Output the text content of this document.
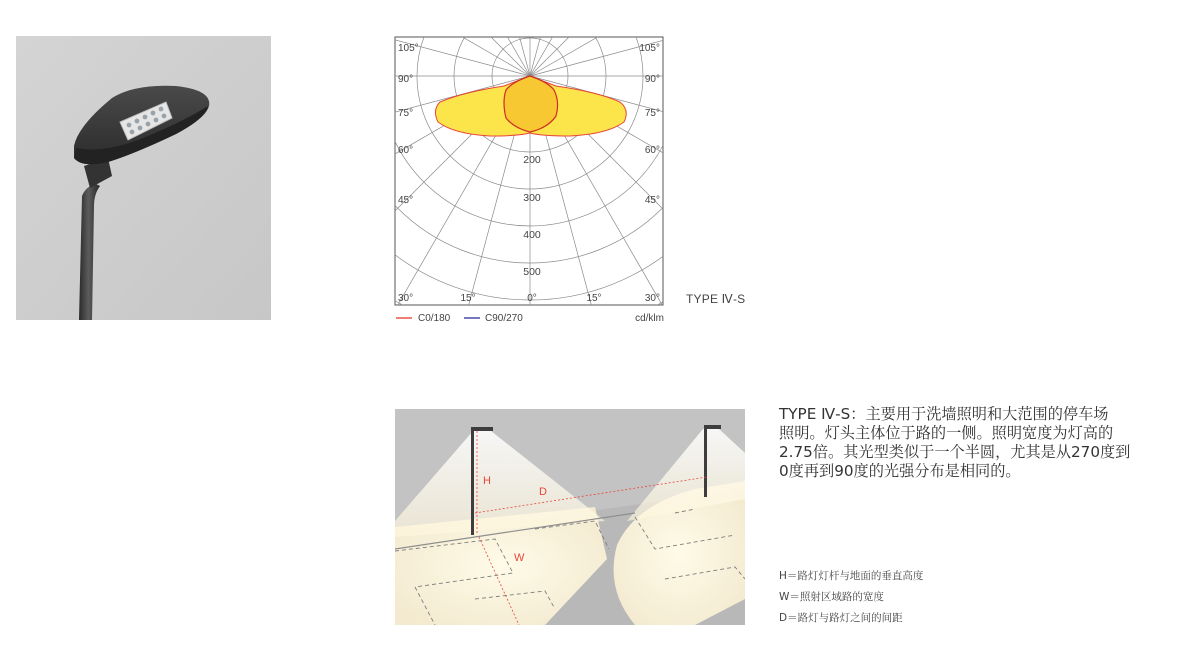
105°
90°
75°
60°
45°
30°
105°
90°
75°
60°
45°
30°
15°	0°	15°
200
300
400
500
C0/180	C90/270	cd/klm
TYPE Ⅳ-S
H
D
W
TYPE Ⅳ-S：主要用于洗墙照明和大范围的停车场
照明。灯头主体位于路的一侧。照明宽度为灯高的
2.75倍。其光型类似于一个半圆，尤其是从270度到
0度再到90度的光强分布是相同的。
H＝路灯灯杆与地面的垂直高度
W＝照射区域路的宽度
D＝路灯与路灯之间的间距
